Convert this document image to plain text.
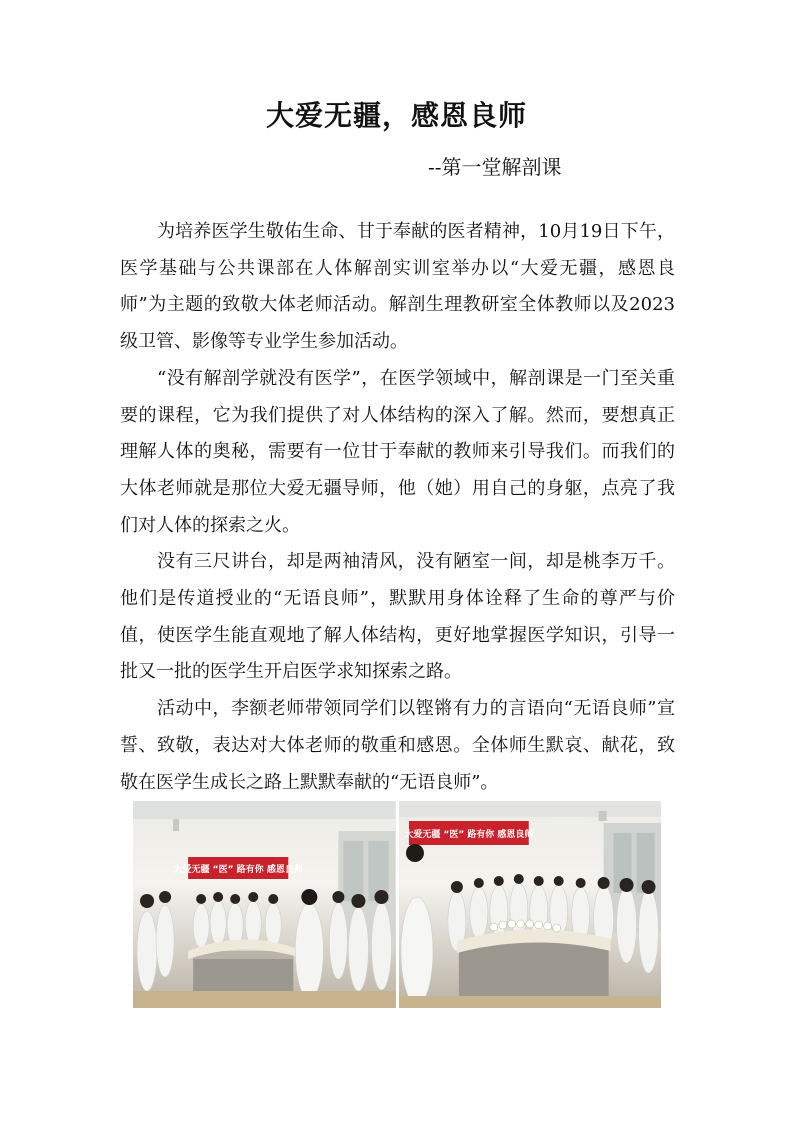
大爱无疆，感恩良师
--第一堂解剖课

为培养医学生敬佑生命、甘于奉献的医者精神，10月19日下午，医学基础与公共课部在人体解剖实训室举办以“大爱无疆，感恩良师”为主题的致敬大体老师活动。解剖生理教研室全体教师以及2023级卫管、影像等专业学生参加活动。

“没有解剖学就没有医学”，在医学领域中，解剖课是一门至关重要的课程，它为我们提供了对人体结构的深入了解。然而，要想真正理解人体的奥秘，需要有一位甘于奉献的教师来引导我们。而我们的大体老师就是那位大爱无疆导师，他（她）用自己的身躯，点亮了我们对人体的探索之火。

没有三尺讲台，却是两袖清风，没有陋室一间，却是桃李万千。他们是传道授业的“无语良师”，默默用身体诠释了生命的尊严与价值，使医学生能直观地了解人体结构，更好地掌握医学知识，引导一批又一批的医学生开启医学求知探索之路。

活动中，李额老师带领同学们以铿锵有力的言语向“无语良师”宣誓、致敬，表达对大体老师的敬重和感恩。全体师生默哀、献花，致敬在医学生成长之路上默默奉献的“无语良师”。

大爱无疆 “医” 路有你 感恩良师
大爱无疆 “医” 路有你 感恩良师
